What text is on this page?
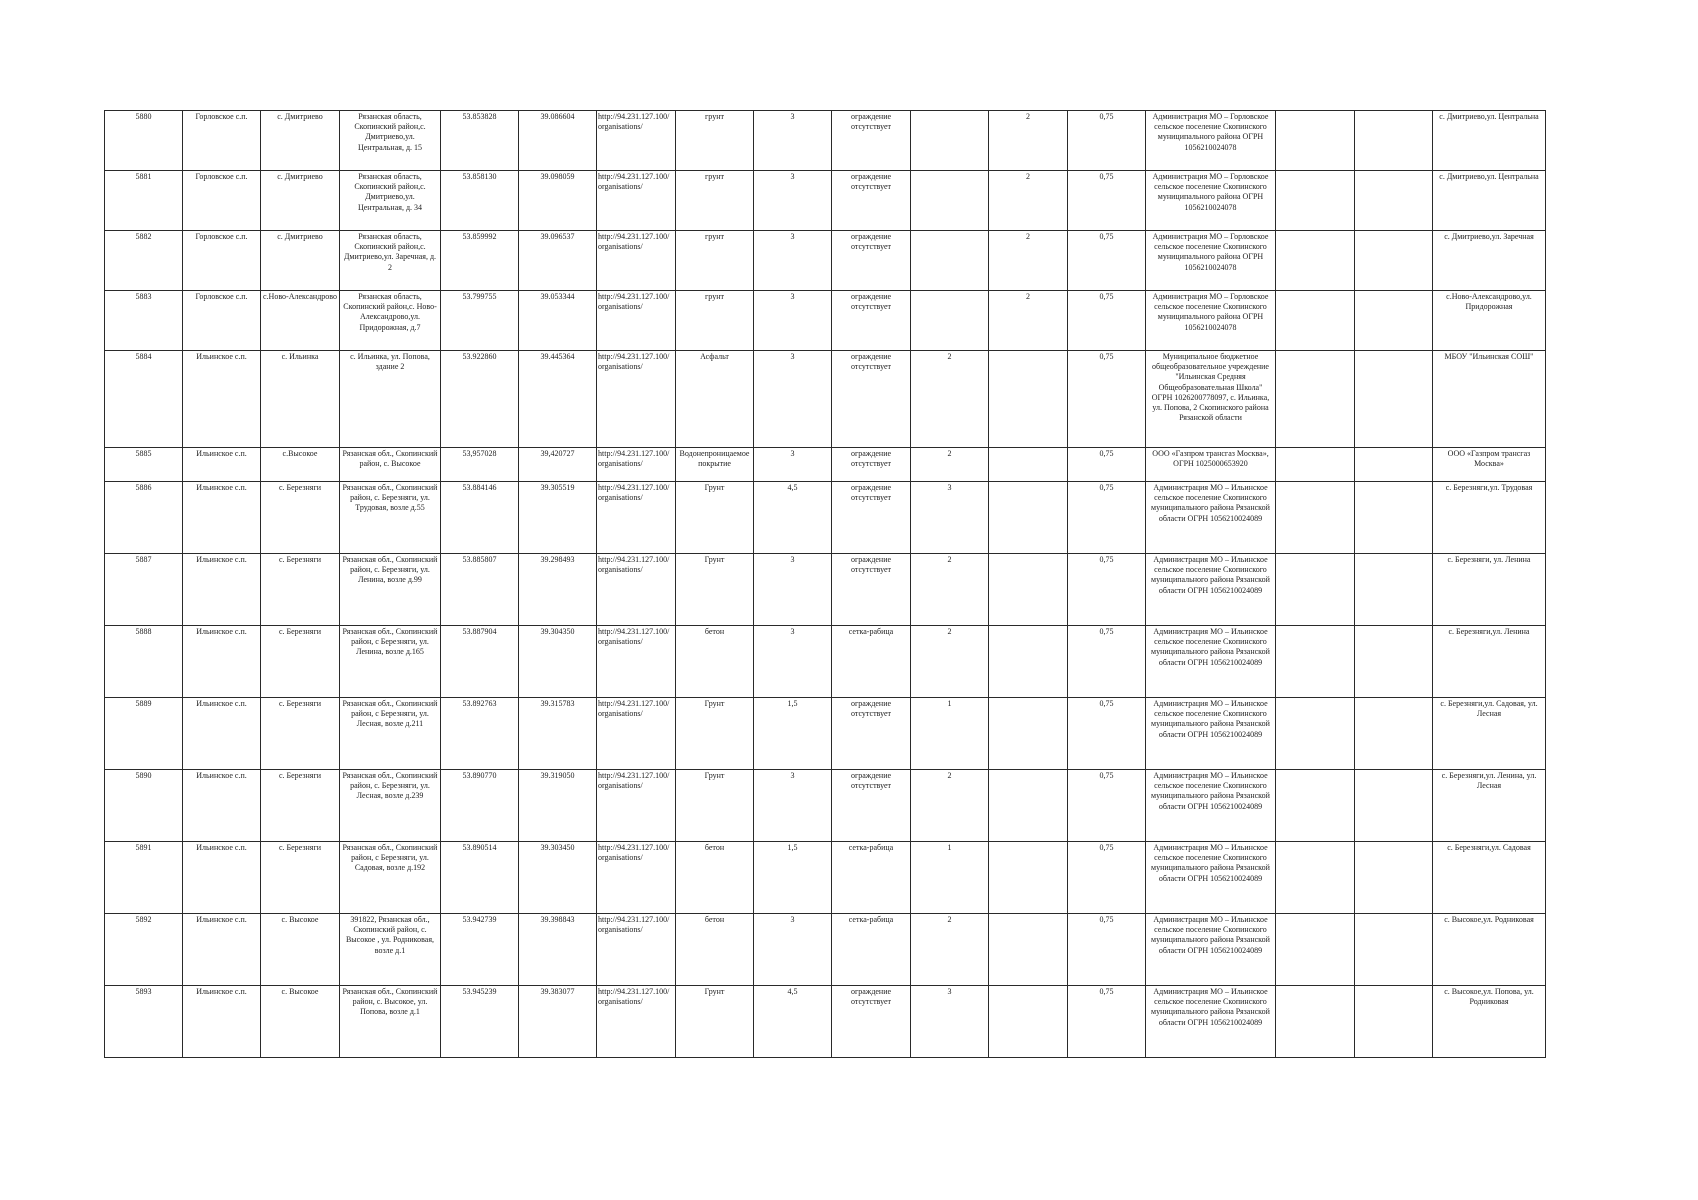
5880	Горловское с.п.	с. Дмитриево	Рязанская область, Скопинский район,с. Дмитриево,ул. Центральная, д. 15	53.853828	39.086604	http://94.231.127.100/organisations/	грунт	3	ограждение отсутствует		2	0,75	Администрация МО – Горловское сельское поселение Скопинского муниципального района ОГРН 1056210024078			с. Дмитриево,ул. Центральна
5881	Горловское с.п.	с. Дмитриево	Рязанская область, Скопинский район,с. Дмитриево,ул. Центральная, д. 34	53.858130	39.098059	http://94.231.127.100/organisations/	грунт	3	ограждение отсутствует		2	0,75	Администрация МО – Горловское сельское поселение Скопинского муниципального района ОГРН 1056210024078			с. Дмитриево,ул. Центральна
5882	Горловское с.п.	с. Дмитриево	Рязанская область, Скопинский район,с. Дмитриево,ул. Заречная, д. 2	53.859992	39.096537	http://94.231.127.100/organisations/	грунт	3	ограждение отсутствует		2	0,75	Администрация МО – Горловское сельское поселение Скопинского муниципального района ОГРН 1056210024078			с. Дмитриево,ул. Заречная
5883	Горловское с.п.	с.Ново-Александрово	Рязанская область, Скопинский район,с. Ново-Александрово,ул. Придорожная, д.7	53.799755	39.053344	http://94.231.127.100/organisations/	грунт	3	ограждение отсутствует		2	0,75	Администрация МО – Горловское сельское поселение Скопинского муниципального района ОГРН 1056210024078			с.Ново-Александрово,ул. Придорожная
5884	Ильинское с.п.	с. Ильинка	с. Ильинка, ул. Попова, здание 2	53.922860	39.445364	http://94.231.127.100/organisations/	Асфальт	3	ограждение отсутствует	2		0,75	Муниципальное бюджетное общеобразовательное учреждение "Ильинская Средняя Общеобразовательная Школа" ОГРН 1026200778097, с. Ильинка, ул. Попова, 2 Скопинского района Рязанской области			МБОУ "Ильинская СОШ"
5885	Ильинское с.п.	с.Высокое	Рязанская обл., Скопинский район, с. Высокое	53,957028	39,420727	http://94.231.127.100/organisations/	Водонепроницаемое покрытие	3	ограждение отсутствует	2		0,75	ООО «Газпром трансгаз Москва», ОГРН 1025000653920			ООО «Газпром трансгаз Москва»
5886	Ильинское с.п.	с. Березняги	Рязанская обл., Скопинский район, с. Березняги, ул. Трудовая, возле д.55	53.884146	39.305519	http://94.231.127.100/organisations/	Грунт	4,5	ограждение отсутствует	3		0,75	Администрация МО – Ильинское сельское поселение Скопинского муниципального района Рязанской области ОГРН 1056210024089			с. Березняги,ул. Трудовая
5887	Ильинское с.п.	с. Березняги	Рязанская обл., Скопинский район, с. Березняги, ул. Ленина, возле д.99	53.885807	39.298493	http://94.231.127.100/organisations/	Грунт	3	ограждение отсутствует	2		0,75	Администрация МО – Ильинское сельское поселение Скопинского муниципального района Рязанской области ОГРН 1056210024089			с. Березняги, ул. Ленина
5888	Ильинское с.п.	с. Березняги	Рязанская обл., Скопинский район, с Березняги, ул. Ленина, возле д.165	53.887904	39.304350	http://94.231.127.100/organisations/	бетон	3	сетка-рабица	2		0,75	Администрация МО – Ильинское сельское поселение Скопинского муниципального района Рязанской области ОГРН 1056210024089			с. Березняги,ул. Ленина
5889	Ильинское с.п.	с. Березняги	Рязанская обл., Скопинский район, с Березняги, ул. Лесная, возле д.211	53.892763	39.315783	http://94.231.127.100/organisations/	Грунт	1,5	ограждение отсутствует	1		0,75	Администрация МО – Ильинское сельское поселение Скопинского муниципального района Рязанской области ОГРН 1056210024089			с. Березняги,ул. Садовая, ул. Лесная
5890	Ильинское с.п.	с. Березняги	Рязанская обл., Скопинский район, с. Березняги, ул. Лесная, возле д.239	53.890770	39.319050	http://94.231.127.100/organisations/	Грунт	3	ограждение отсутствует	2		0,75	Администрация МО – Ильинское сельское поселение Скопинского муниципального района Рязанской области ОГРН 1056210024089			с. Березняги,ул. Ленина, ул. Лесная
5891	Ильинское с.п.	с. Березняги	Рязанская обл., Скопинский район, с Березняги, ул. Садовая, возле д.192	53.890514	39.303450	http://94.231.127.100/organisations/	бетон	1,5	сетка-рабица	1		0,75	Администрация МО – Ильинское сельское поселение Скопинского муниципального района Рязанской области ОГРН 1056210024089			с. Березняги,ул. Садовая
5892	Ильинское с.п.	с. Высокое	391822, Рязанская обл., Скопинский район, с. Высокое , ул. Родниковая, возле д.1	53.942739	39.398843	http://94.231.127.100/organisations/	бетон	3	сетка-рабица	2		0,75	Администрация МО – Ильинское сельское поселение Скопинского муниципального района Рязанской области ОГРН 1056210024089			с. Высокое,ул. Родниковая
5893	Ильинское с.п.	с. Высокое	Рязанская обл., Скопинский район, с. Высокое, ул. Попова, возле д.1	53.945239	39.383077	http://94.231.127.100/organisations/	Грунт	4,5	ограждение отсутствует	3		0,75	Администрация МО – Ильинское сельское поселение Скопинского муниципального района Рязанской области ОГРН 1056210024089			с. Высокое,ул. Попова, ул. Родниковая
